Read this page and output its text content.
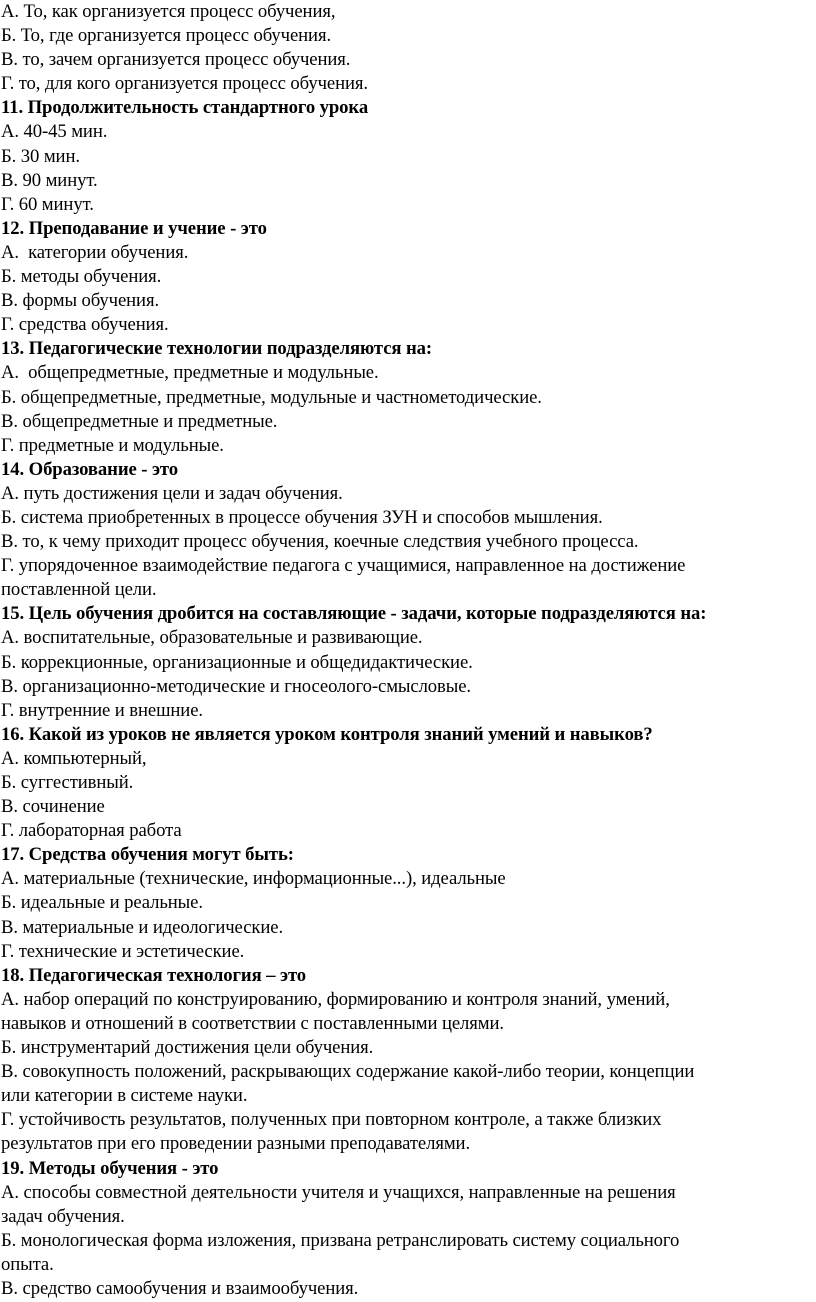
А. То, как организуется процесс обучения,
Б. То, где организуется процесс обучения.
В. то, зачем организуется процесс обучения.
Г. то, для кого организуется процесс обучения.
11. Продолжительность стандартного урока
А. 40-45 мин.
Б. 30 мин.
В. 90 минут.
Г. 60 минут.
12. Преподавание и учение - это
А.  категории обучения.
Б. методы обучения.
В. формы обучения.
Г. средства обучения.
13. Педагогические технологии подразделяются на:
А.  общепредметные, предметные и модульные.
Б. общепредметные, предметные, модульные и частнометодические.
В. общепредметные и предметные.
Г. предметные и модульные.
14. Образование - это
А. путь достижения цели и задач обучения.
Б. система приобретенных в процессе обучения ЗУН и способов мышления.
В. то, к чему приходит процесс обучения, коечные следствия учебного процесса.
Г. упорядоченное взаимодействие педагога с учащимися, направленное на достижение
поставленной цели.
15. Цель обучения дробится на составляющие - задачи, которые подразделяются на:
А. воспитательные, образовательные и развивающие.
Б. коррекционные, организационные и общедидактические.
В. организационно-методические и гносеолого-смысловые.
Г. внутренние и внешние.
16. Какой из уроков не является уроком контроля знаний умений и навыков?
А. компьютерный,
Б. суггестивный.
В. сочинение
Г. лабораторная работа
17. Средства обучения могут быть:
А. материальные (технические, информационные...), идеальные
Б. идеальные и реальные.
В. материальные и идеологические.
Г. технические и эстетические.
18. Педагогическая технология – это
А. набор операций по конструированию, формированию и контроля знаний, умений,
навыков и отношений в соответствии с поставленными целями.
Б. инструментарий достижения цели обучения.
В. совокупность положений, раскрывающих содержание какой-либо теории, концепции
или категории в системе науки.
Г. устойчивость результатов, полученных при повторном контроле, а также близких
результатов при его проведении разными преподавателями.
19. Методы обучения - это
А. способы совместной деятельности учителя и учащихся, направленные на решения
задач обучения.
Б. монологическая форма изложения, призвана ретранслировать систему социального
опыта.
В. средство самообучения и взаимообучения.
